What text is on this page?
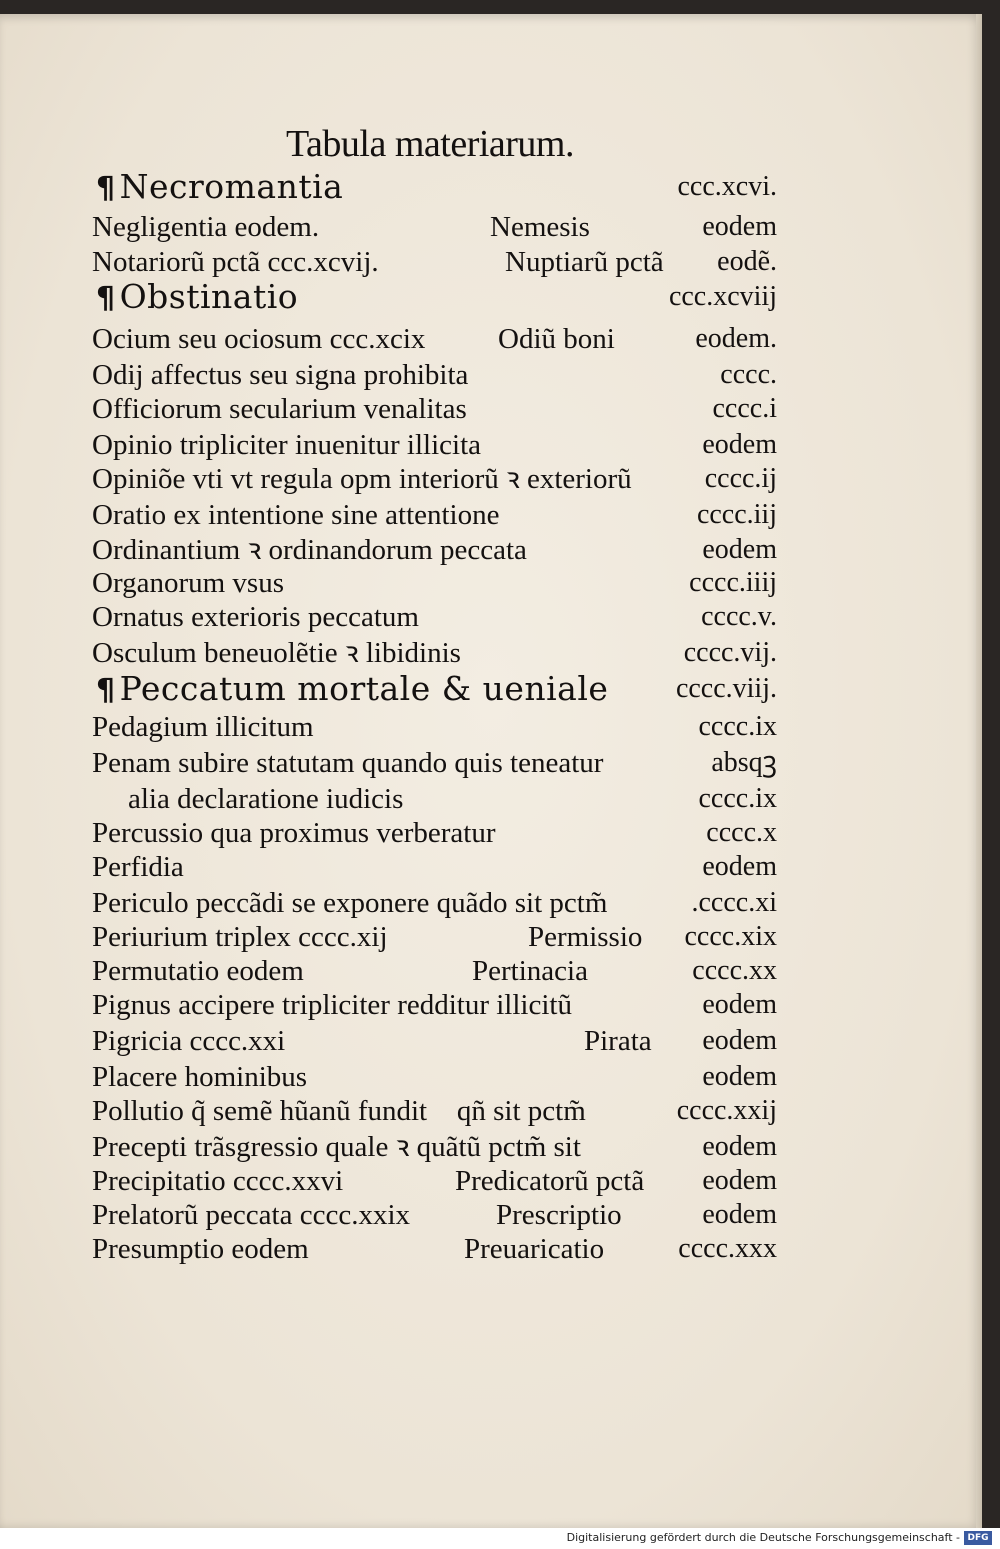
Tabula materiarum.
¶ Necromantia	ccc.xcvi.
Negligentia eodem.	Nemesis	eodem
Notariorũ pctã ccc.xcvij.	Nuptiarũ pctã eodẽ.
¶ Obstinatio	ccc.xcviij
Ocium seu ociosum ccc.xcix	Odiũ boni	eodem.
Odij affectus seu signa prohibita	cccc.
Officiorum secularium venalitas	cccc.i
Opinio tripliciter inuenitur illicita	eodem
Opiniõe vti vt regula opm interiorũ ꝛ exteriorũ	cccc.ij
Oratio ex intentione sine attentione	cccc.iij
Ordinantium ꝛ ordinandorum peccata	eodem
Organorum vsus	cccc.iiij
Ornatus exterioris peccatum	cccc.v.
Osculum beneuolẽtie ꝛ libidinis	cccc.vij.
¶ Peccatum mortale & ueniale cccc.viij.
Pedagium illicitum	cccc.ix
Penam subire statutam quando quis teneatur	absqꝫ
alia declaratione iudicis	cccc.ix
Percussio qua proximus verberatur	cccc.x
Perfidia	eodem
Periculo peccãdi se exponere quãdo sit pctm̃	.cccc.xi
Periurium triplex cccc.xij	Permissio cccc.xix
Permutatio eodem	Pertinacia	cccc.xx
Pignus accipere tripliciter redditur illicitũ	eodem
Pigricia cccc.xxi	Pirata eodem
Placere hominibus	eodem
Pollutio q̃ semẽ hũanũ funditᷣ qñ sit pctm̃	cccc.xxij
Precepti trãsgressio quale ꝛ quãtũ pctm̃ sit	eodem
Precipitatio cccc.xxvi	Predicatorũ pctã eodem
Prelatorũ peccata cccc.xxix	Prescriptio	eodem
Presumptio eodem	Preuaricatio	cccc.xxx
Digitalisierung gefördert durch die Deutsche Forschungsgemeinschaft - DFG
